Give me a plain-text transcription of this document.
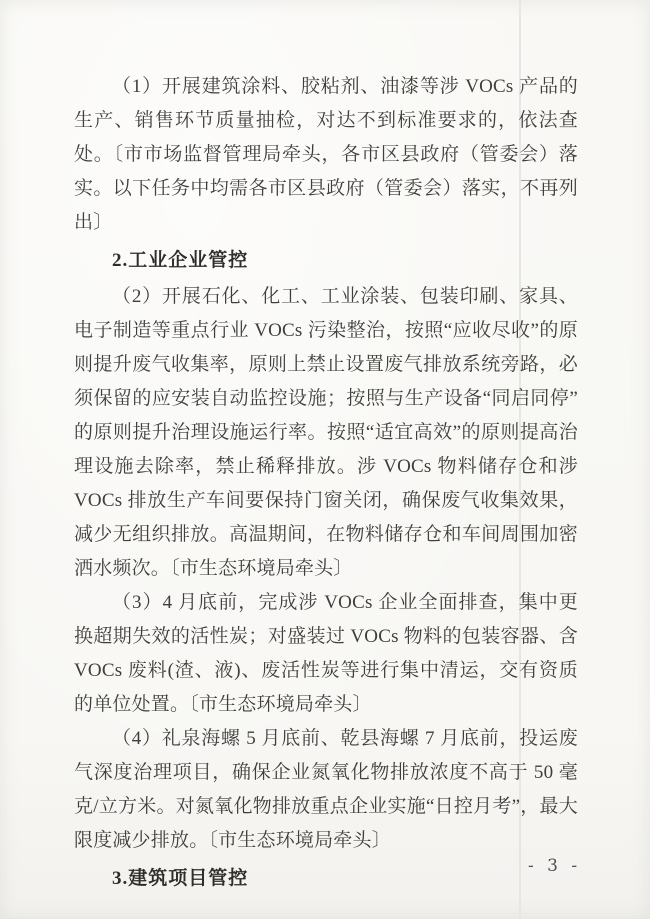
（1）开展建筑涂料、胶粘剂、油漆等涉 VOCs 产品的生产、销售环节质量抽检，对达不到标准要求的，依法查处。〔市市场监督管理局牵头，各市区县政府（管委会）落实。以下任务中均需各市区县政府（管委会）落实，不再列出〕

2.工业企业管控

（2）开展石化、化工、工业涂装、包装印刷、家具、电子制造等重点行业 VOCs 污染整治，按照“应收尽收”的原则提升废气收集率，原则上禁止设置废气排放系统旁路，必须保留的应安装自动监控设施；按照与生产设备“同启同停”的原则提升治理设施运行率。按照“适宜高效”的原则提高治理设施去除率，禁止稀释排放。涉 VOCs 物料储存仓和涉 VOCs 排放生产车间要保持门窗关闭，确保废气收集效果，减少无组织排放。高温期间，在物料储存仓和车间周围加密洒水频次。〔市生态环境局牵头〕

（3）4 月底前，完成涉 VOCs 企业全面排查，集中更换超期失效的活性炭；对盛装过 VOCs 物料的包装容器、含 VOCs 废料(渣、液)、废活性炭等进行集中清运，交有资质的单位处置。〔市生态环境局牵头〕

（4）礼泉海螺 5 月底前、乾县海螺 7 月底前，投运废气深度治理项目，确保企业氮氧化物排放浓度不高于 50 毫克/立方米。对氮氧化物排放重点企业实施“日控月考”，最大限度减少排放。〔市生态环境局牵头〕

3.建筑项目管控

- 3 -
